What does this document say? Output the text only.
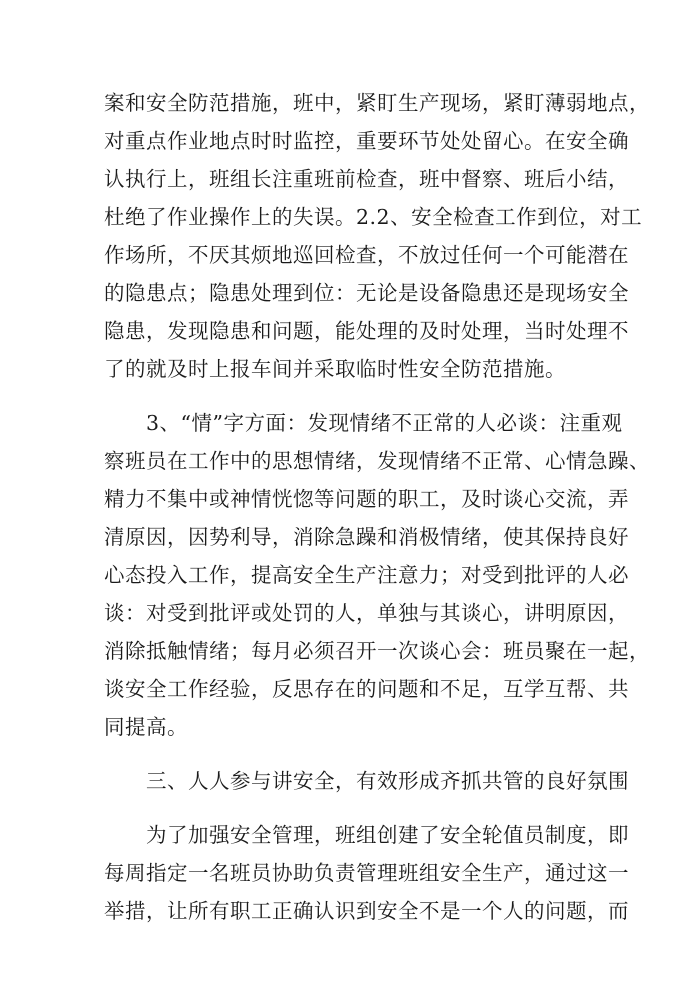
案和安全防范措施，班中，紧盯生产现场，紧盯薄弱地点，
对重点作业地点时时监控，重要环节处处留心。在安全确
认执行上，班组长注重班前检查，班中督察、班后小结，
杜绝了作业操作上的失误。2.2、安全检查工作到位，对工
作场所，不厌其烦地巡回检查，不放过任何一个可能潜在
的隐患点；隐患处理到位：无论是设备隐患还是现场安全
隐患，发现隐患和问题，能处理的及时处理，当时处理不
了的就及时上报车间并采取临时性安全防范措施。
　　3、“情”字方面：发现情绪不正常的人必谈：注重观
察班员在工作中的思想情绪，发现情绪不正常、心情急躁、
精力不集中或神情恍惚等问题的职工，及时谈心交流，弄
清原因，因势利导，消除急躁和消极情绪，使其保持良好
心态投入工作，提高安全生产注意力；对受到批评的人必
谈：对受到批评或处罚的人，单独与其谈心，讲明原因，
消除抵触情绪；每月必须召开一次谈心会：班员聚在一起，
谈安全工作经验，反思存在的问题和不足，互学互帮、共
同提高。
　　三、人人参与讲安全，有效形成齐抓共管的良好氛围
　　为了加强安全管理，班组创建了安全轮值员制度，即
每周指定一名班员协助负责管理班组安全生产，通过这一
举措，让所有职工正确认识到安全不是一个人的问题，而
